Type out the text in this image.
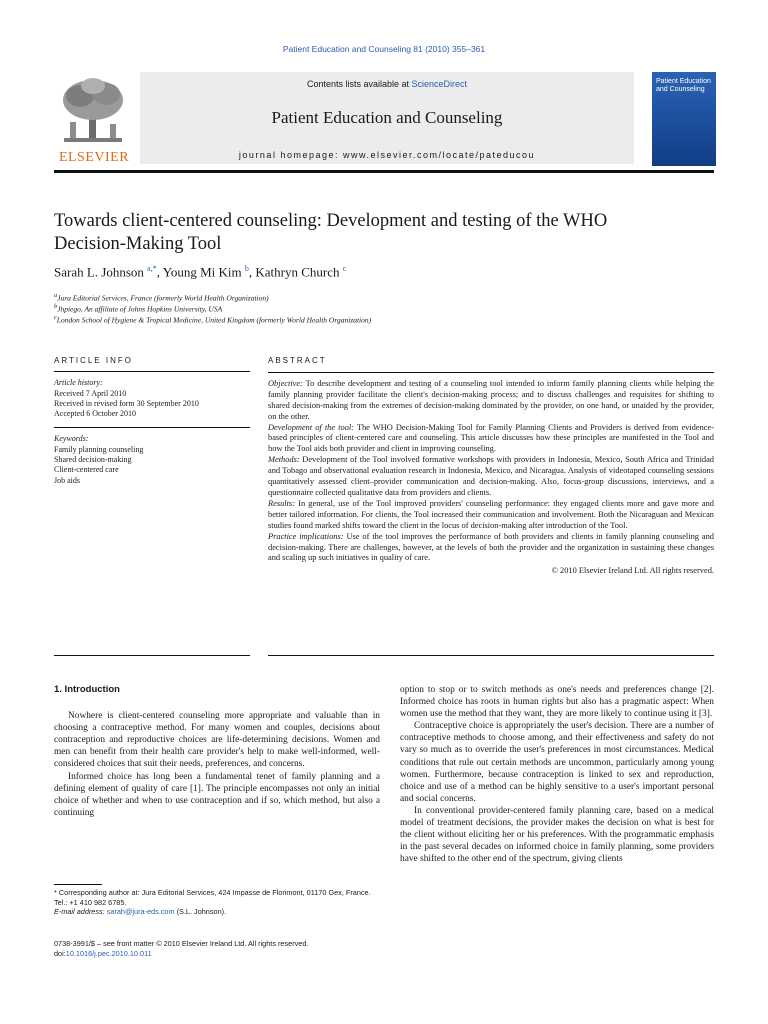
Patient Education and Counseling 81 (2010) 355–361
ELSEVIER
Contents lists available at ScienceDirect
Patient Education and Counseling
journal homepage: www.elsevier.com/locate/pateducou
Patient Education and Counseling
Towards client-centered counseling: Development and testing of the WHO
Decision-Making Tool
Sarah L. Johnson $^{a,*}$, Young Mi Kim $^b$, Kathryn Church $^c$
$^a$Jura Editorial Services, France (formerly World Health Organization)
$^b$Jhpiego, An affiliate of Johns Hopkins University, USA
$^c$London School of Hygiene & Tropical Medicine, United Kingdom (formerly World Health Organization)
ARTICLE INFO
Article history:
Received 7 April 2010
Received in revised form 30 September 2010
Accepted 6 October 2010
Keywords:
Family planning counseling
Shared decision-making
Client-centered care
Job aids
ABSTRACT
Objective: To describe development and testing of a counseling tool intended to inform family planning clients while helping the family planning provider facilitate the client's decision-making process; and to discuss challenges and requisites for shifting to shared decision-making from the extremes of decision-making dominated by the provider, on one hand, or unaided by the provider, on the other.
Development of the tool: The WHO Decision-Making Tool for Family Planning Clients and Providers is derived from evidence-based principles of client-centered care and counseling. This article discusses how these principles are manifested in the Tool and how the Tool aids both provider and client in improving counseling.
Methods: Development of the Tool involved formative workshops with providers in Indonesia, Mexico, South Africa and Trinidad and Tobago and observational evaluation research in Indonesia, Mexico, and Nicaragua. Analysis of videotaped counseling sessions quantitatively assessed client–provider communication and decision-making. Also, focus-group discussions, interviews, and a questionnaire collected qualitative data from providers and clients.
Results: In general, use of the Tool improved providers' counseling performance: they engaged clients more and gave more and better tailored information. For clients, the Tool increased their communication and involvement. Both the Nicaraguan and Mexican studies found marked shifts toward the client in the locus of decision-making after introduction of the Tool.
Practice implications: Use of the tool improves the performance of both providers and clients in family planning counseling and decision-making. There are challenges, however, at the levels of both the provider and the organization in sustaining these changes and scaling up such initiatives in quality of care.
© 2010 Elsevier Ireland Ltd. All rights reserved.
1. Introduction

Nowhere is client-centered counseling more appropriate and valuable than in choosing a contraceptive method. For many women and couples, decisions about contraception and reproductive choices are life-determining decisions. Women and men can benefit from their health care provider's help to make well-informed, well-considered choices that suit their needs, preferences, and concerns.

Informed choice has long been a fundamental tenet of family planning and a defining element of quality of care [1]. The principle encompasses not only an initial choice of whether and when to use contraception and if so, which method, but also a continuing

* Corresponding author at: Jura Editorial Services, 424 Impasse de Florimont, 01170 Gex, France. Tel.: +1 410 982 6785.
E-mail address: sarah@jura-eds.com (S.L. Johnson).
0738-3991/$ – see front matter © 2010 Elsevier Ireland Ltd. All rights reserved.
doi:10.1016/j.pec.2010.10.011

option to stop or to switch methods as one's needs and preferences change [2]. Informed choice has roots in human rights but also has a pragmatic aspect: When women use the method that they want, they are more likely to continue using it [3].

Contraceptive choice is appropriately the user's decision. There are a number of contraceptive methods to choose among, and their effectiveness and safety do not vary so much as to override the user's preferences in most circumstances. Medical conditions that rule out certain methods are uncommon, particularly among young women. Furthermore, because contraception is linked to sex and reproduction, choice and use of a method can be highly sensitive to a user's important personal and social concerns.

In conventional provider-centered family planning care, based on a medical model of treatment decisions, the provider makes the decision on what is best for the client without eliciting her or his preferences. With the programmatic emphasis in the past several decades on informed choice in family planning, some providers have shifted to the other end of the spectrum, giving clients
